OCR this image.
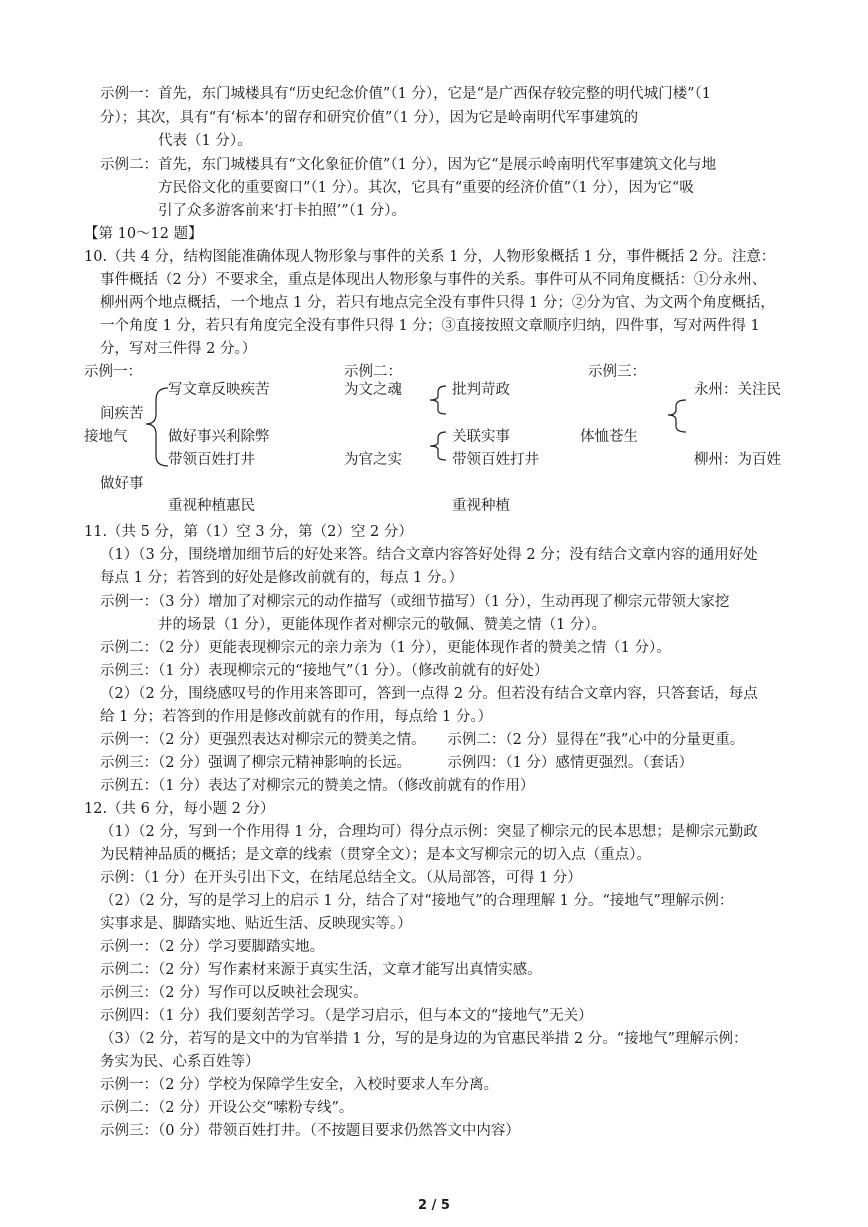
示例一：首先，东门城楼具有“历史纪念价值”（1 分），它是“是广西保存较完整的明代城门楼”（1
分）；其次，具有“有‘标本’的留存和研究价值”（1 分），因为它是岭南明代军事建筑的
代表（1 分）。
示例二：首先，东门城楼具有“文化象征价值”（1 分），因为它“是展示岭南明代军事建筑文化与地
方民俗文化的重要窗口”（1 分）。其次，它具有“重要的经济价值”（1 分），因为它“吸
引了众多游客前来‘打卡拍照’”（1 分）。
【第 10～12 题】
10.（共 4 分，结构图能准确体现人物形象与事件的关系 1 分，人物形象概括 1 分，事件概括 2 分。注意：
事件概括（2 分）不要求全，重点是体现出人物形象与事件的关系。事件可从不同角度概括：①分永州、
柳州两个地点概括，一个地点 1 分，若只有地点完全没有事件只得 1 分；②分为官、为文两个角度概括，
一个角度 1 分，若只有角度完全没有事件只得 1 分；③直接按照文章顺序归纳，四件事，写对两件得 1
分，写对三件得 2 分。）
11.（共 5 分，第（1）空 3 分，第（2）空 2 分）
（1）（3 分，围绕增加细节后的好处来答。结合文章内容答好处得 2 分；没有结合文章内容的通用好处
每点 1 分；若答到的好处是修改前就有的，每点 1 分。）
示例一：（3 分）增加了对柳宗元的动作描写（或细节描写）（1 分），生动再现了柳宗元带领大家挖
井的场景（1 分），更能体现作者对柳宗元的敬佩、赞美之情（1 分）。
示例二：（2 分）更能表现柳宗元的亲力亲为（1 分），更能体现作者的赞美之情（1 分）。
示例三：（1 分）表现柳宗元的“接地气”（1 分）。（修改前就有的好处）
（2）（2 分，围绕感叹号的作用来答即可，答到一点得 2 分。但若没有结合文章内容，只答套话，每点
给 1 分；若答到的作用是修改前就有的作用，每点给 1 分。）
示例一：（2 分）更强烈表达对柳宗元的赞美之情。　　示例二：（2 分）显得在“我”心中的分量更重。
示例三：（2 分）强调了柳宗元精神影响的长远。　　　示例四：（1 分）感情更强烈。（套话）
示例五：（1 分）表达了对柳宗元的赞美之情。（修改前就有的作用）
12.（共 6 分，每小题 2 分）
（1）（2 分，写到一个作用得 1 分，合理均可）得分点示例：突显了柳宗元的民本思想；是柳宗元勤政
为民精神品质的概括；是文章的线索（贯穿全文）；是本文写柳宗元的切入点（重点）。
示例：（1 分）在开头引出下文，在结尾总结全文。（从局部答，可得 1 分）
（2）（2 分，写的是学习上的启示 1 分，结合了对“接地气”的合理理解 1 分。“接地气”理解示例：
实事求是、脚踏实地、贴近生活、反映现实等。）
示例一：（2 分）学习要脚踏实地。
示例二：（2 分）写作素材来源于真实生活，文章才能写出真情实感。
示例三：（2 分）写作可以反映社会现实。
示例四：（1 分）我们要刻苦学习。（是学习启示，但与本文的“接地气”无关）
（3）（2 分，若写的是文中的为官举措 1 分，写的是身边的为官惠民举措 2 分。“接地气”理解示例：
务实为民、心系百姓等）
示例一：（2 分）学校为保障学生安全，入校时要求人车分离。
示例二：（2 分）开设公交“嗦粉专线”。
示例三：（0 分）带领百姓打井。（不按题目要求仍然答文中内容）
示例一：	示例二：	示例三：
间疾苦
接地气
做好事
写文章反映疾苦
做好事兴利除弊
带领百姓打井
重视种植惠民
为文之魂
为官之实
批判苛政
关联实事
带领百姓打井
重视种植
体恤苍生
永州：关注民
柳州：为百姓
2 / 5
